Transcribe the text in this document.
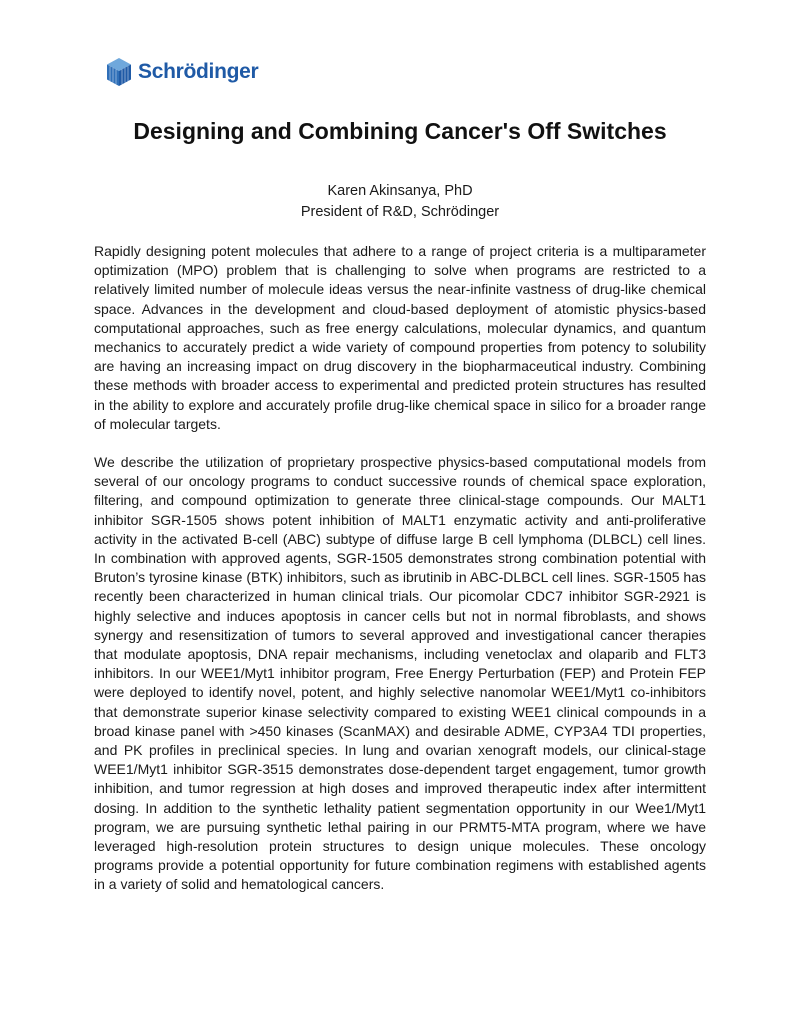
Schrödinger
Designing and Combining Cancer's Off Switches
Karen Akinsanya, PhD
President of R&D, Schrödinger

Rapidly designing potent molecules that adhere to a range of project criteria is a multiparameter optimization (MPO) problem that is challenging to solve when programs are restricted to a relatively limited number of molecule ideas versus the near-infinite vastness of drug-like chemical space. Advances in the development and cloud-based deployment of atomistic physics-based computational approaches, such as free energy calculations, molecular dynamics, and quantum mechanics to accurately predict a wide variety of compound properties from potency to solubility are having an increasing impact on drug discovery in the biopharmaceutical industry. Combining these methods with broader access to experimental and predicted protein structures has resulted in the ability to explore and accurately profile drug-like chemical space in silico for a broader range of molecular targets.

We describe the utilization of proprietary prospective physics-based computational models from several of our oncology programs to conduct successive rounds of chemical space exploration, filtering, and compound optimization to generate three clinical-stage compounds. Our MALT1 inhibitor SGR-1505 shows potent inhibition of MALT1 enzymatic activity and anti-proliferative activity in the activated B-cell (ABC) subtype of diffuse large B cell lymphoma (DLBCL) cell lines. In combination with approved agents, SGR-1505 demonstrates strong combination potential with Bruton’s tyrosine kinase (BTK) inhibitors, such as ibrutinib in ABC-DLBCL cell lines. SGR-1505 has recently been characterized in human clinical trials. Our picomolar CDC7 inhibitor SGR-2921 is highly selective and induces apoptosis in cancer cells but not in normal fibroblasts, and shows synergy and resensitization of tumors to several approved and investigational cancer therapies that modulate apoptosis, DNA repair mechanisms, including venetoclax and olaparib and FLT3 inhibitors. In our WEE1/Myt1 inhibitor program, Free Energy Perturbation (FEP) and Protein FEP were deployed to identify novel, potent, and highly selective nanomolar WEE1/Myt1 co-inhibitors that demonstrate superior kinase selectivity compared to existing WEE1 clinical compounds in a broad kinase panel with >450 kinases (ScanMAX) and desirable ADME, CYP3A4 TDI properties, and PK profiles in preclinical species. In lung and ovarian xenograft models, our clinical-stage WEE1/Myt1 inhibitor SGR-3515 demonstrates dose-dependent target engagement, tumor growth inhibition, and tumor regression at high doses and improved therapeutic index after intermittent dosing. In addition to the synthetic lethality patient segmentation opportunity in our Wee1/Myt1 program, we are pursuing synthetic lethal pairing in our PRMT5-MTA program, where we have leveraged high-resolution protein structures to design unique molecules. These oncology programs provide a potential opportunity for future combination regimens with established agents in a variety of solid and hematological cancers.
